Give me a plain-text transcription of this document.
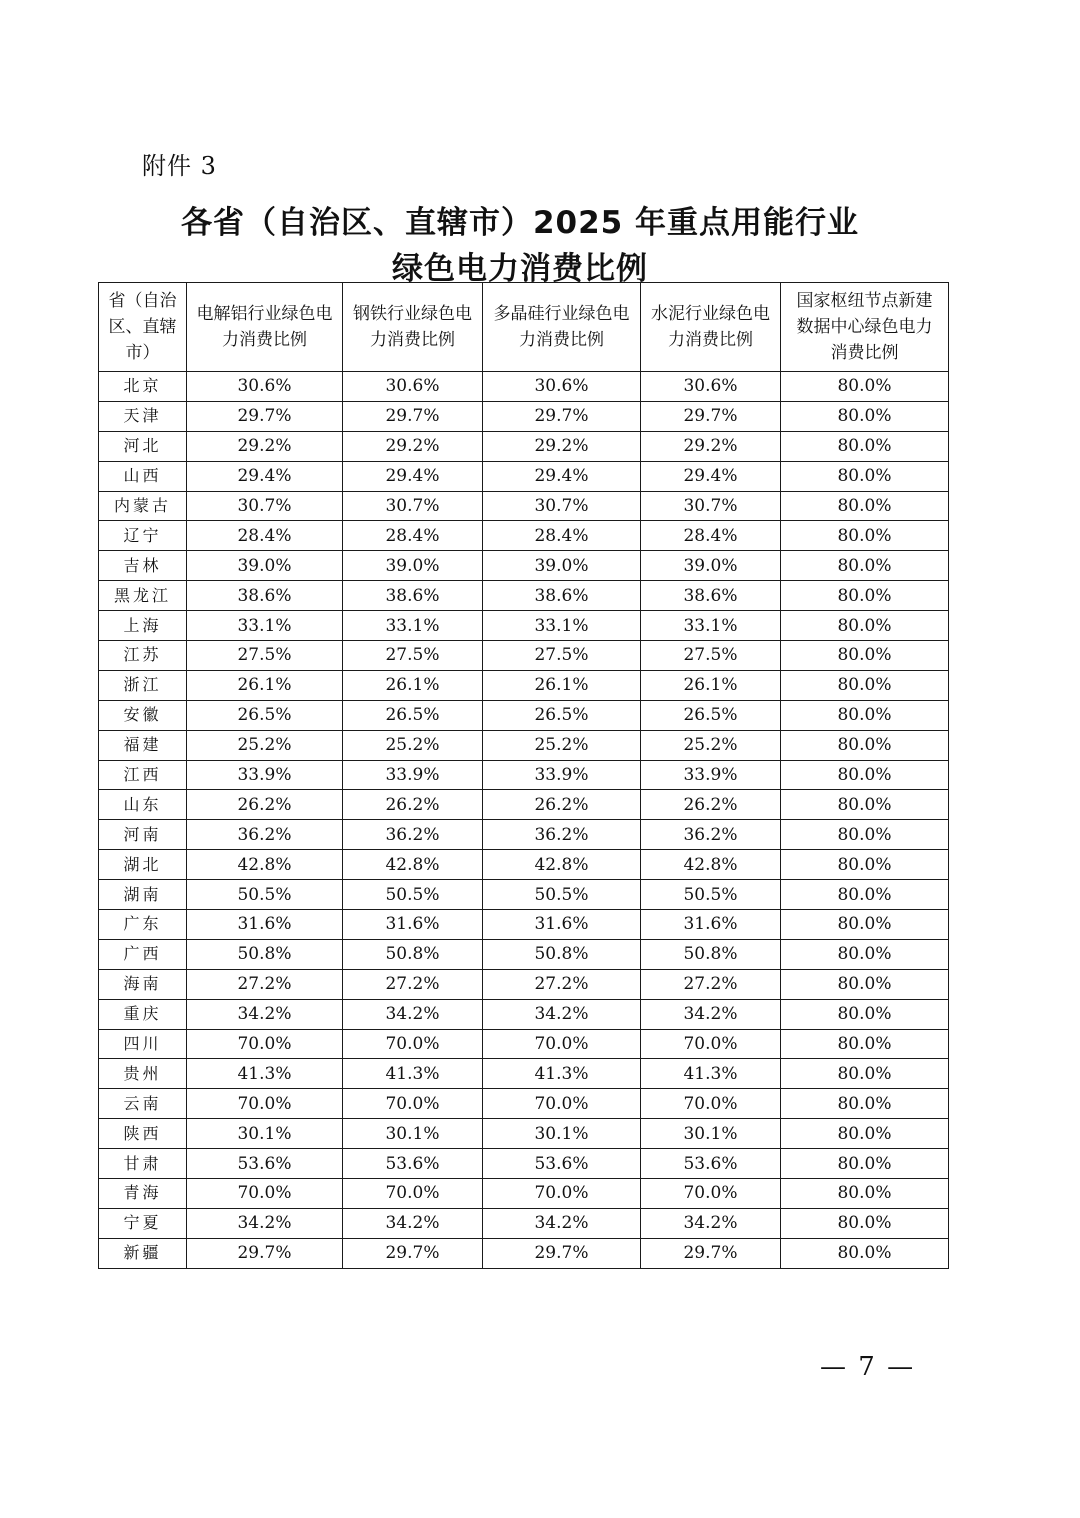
附件 3
各省（自治区、直辖市）2025 年重点用能行业
绿色电力消费比例
省（自治区、直辖市）	电解铝行业绿色电力消费比例	钢铁行业绿色电力消费比例	多晶硅行业绿色电力消费比例	水泥行业绿色电力消费比例	国家枢纽节点新建数据中心绿色电力消费比例
北京	30.6%	30.6%	30.6%	30.6%	80.0%
天津	29.7%	29.7%	29.7%	29.7%	80.0%
河北	29.2%	29.2%	29.2%	29.2%	80.0%
山西	29.4%	29.4%	29.4%	29.4%	80.0%
内蒙古	30.7%	30.7%	30.7%	30.7%	80.0%
辽宁	28.4%	28.4%	28.4%	28.4%	80.0%
吉林	39.0%	39.0%	39.0%	39.0%	80.0%
黑龙江	38.6%	38.6%	38.6%	38.6%	80.0%
上海	33.1%	33.1%	33.1%	33.1%	80.0%
江苏	27.5%	27.5%	27.5%	27.5%	80.0%
浙江	26.1%	26.1%	26.1%	26.1%	80.0%
安徽	26.5%	26.5%	26.5%	26.5%	80.0%
福建	25.2%	25.2%	25.2%	25.2%	80.0%
江西	33.9%	33.9%	33.9%	33.9%	80.0%
山东	26.2%	26.2%	26.2%	26.2%	80.0%
河南	36.2%	36.2%	36.2%	36.2%	80.0%
湖北	42.8%	42.8%	42.8%	42.8%	80.0%
湖南	50.5%	50.5%	50.5%	50.5%	80.0%
广东	31.6%	31.6%	31.6%	31.6%	80.0%
广西	50.8%	50.8%	50.8%	50.8%	80.0%
海南	27.2%	27.2%	27.2%	27.2%	80.0%
重庆	34.2%	34.2%	34.2%	34.2%	80.0%
四川	70.0%	70.0%	70.0%	70.0%	80.0%
贵州	41.3%	41.3%	41.3%	41.3%	80.0%
云南	70.0%	70.0%	70.0%	70.0%	80.0%
陕西	30.1%	30.1%	30.1%	30.1%	80.0%
甘肃	53.6%	53.6%	53.6%	53.6%	80.0%
青海	70.0%	70.0%	70.0%	70.0%	80.0%
宁夏	34.2%	34.2%	34.2%	34.2%	80.0%
新疆	29.7%	29.7%	29.7%	29.7%	80.0%
— 7 —
